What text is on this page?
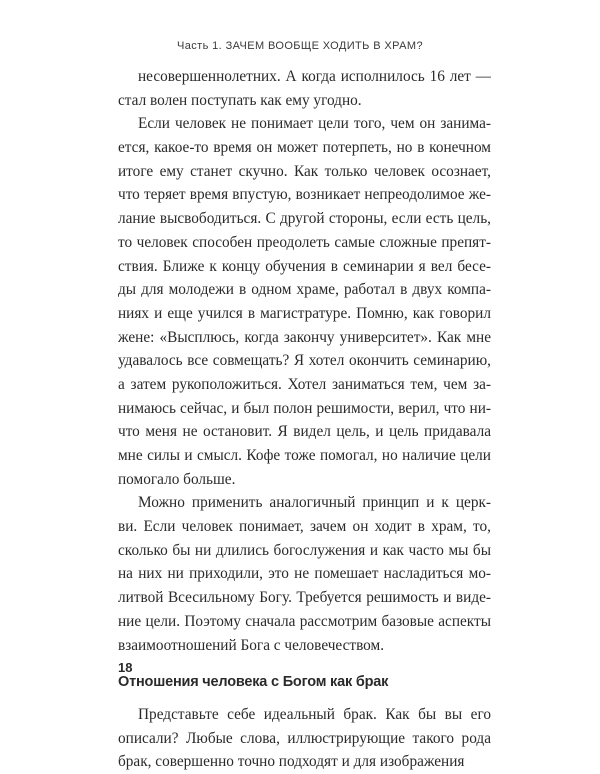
Часть 1. ЗАЧЕМ ВООБЩЕ ХОДИТЬ В ХРАМ?
несовершеннолетних. А когда исполнилось 16 лет —
стал волен поступать как ему угодно.
Если человек не понимает цели того, чем он занима-
ется, какое-то время он может потерпеть, но в конечном
итоге ему станет скучно. Как только человек осознает,
что теряет время впустую, возникает непреодолимое же-
лание высвободиться. С другой стороны, если есть цель,
то человек способен преодолеть самые сложные препят-
ствия. Ближе к концу обучения в семинарии я вел бесе-
ды для молодежи в одном храме, работал в двух компа-
ниях и еще учился в магистратуре. Помню, как говорил
жене: «Высплюсь, когда закончу университет». Как мне
удавалось все совмещать? Я хотел окончить семинарию,
а затем рукоположиться. Хотел заниматься тем, чем за-
нимаюсь сейчас, и был полон решимости, верил, что ни-
что меня не остановит. Я видел цель, и цель придавала
мне силы и смысл. Кофе тоже помогал, но наличие цели
помогало больше.
Можно применить аналогичный принцип и к церк-
ви. Если человек понимает, зачем он ходит в храм, то,
сколько бы ни длились богослужения и как часто мы бы
на них ни приходили, это не помешает насладиться мо-
литвой Всесильному Богу. Требуется решимость и виде-
ние цели. Поэтому сначала рассмотрим базовые аспекты
взаимоотношений Бога с человечеством.
Отношения человека с Богом как брак
Представьте себе идеальный брак. Как бы вы его
описали? Любые слова, иллюстрирующие такого рода
брак, совершенно точно подходят и для изображения
18
